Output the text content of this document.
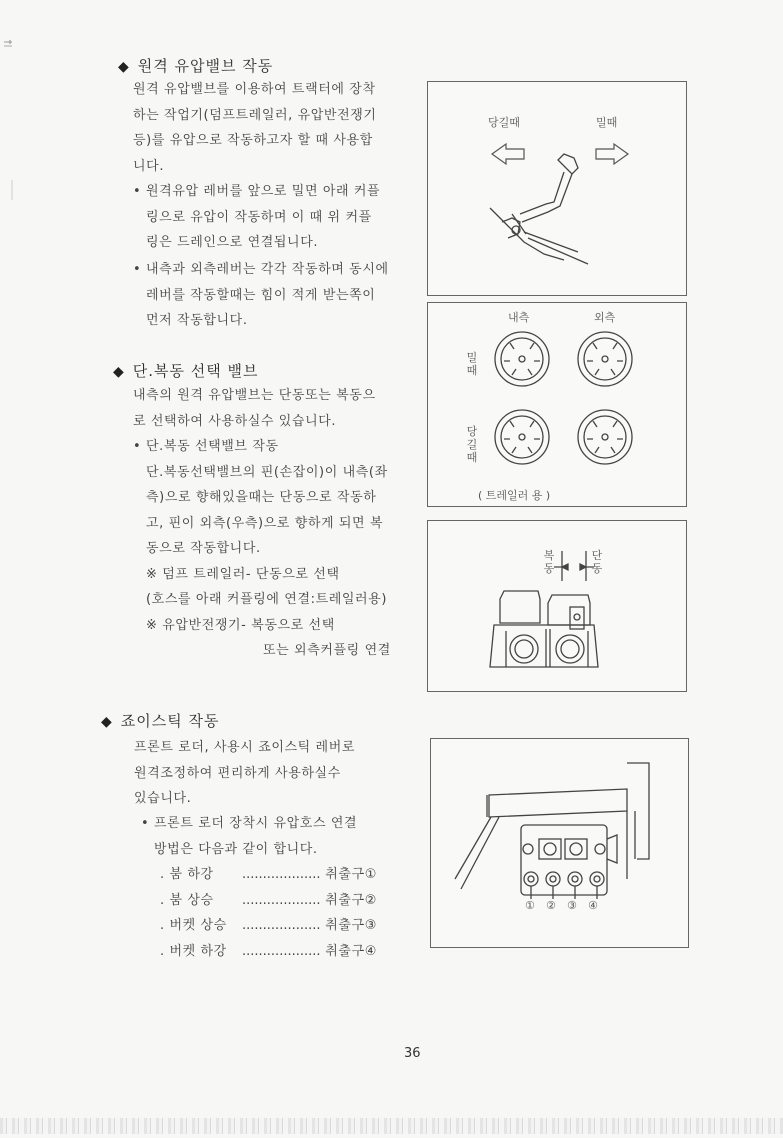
◆ 원격 유압밸브 작동
원격 유압밸브를 이용하여 트랙터에 장착
하는 작업기(덤프트레일러, 유압반전쟁기
등)를 유압으로 작동하고자 할 때 사용합
니다.
• 원격유압 레버를 앞으로 밀면 아래 커플
링으로 유압이 작동하며 이 때 위 커플
링은 드레인으로 연결됩니다.
• 내측과 외측레버는 각각 작동하며 동시에
레버를 작동할때는 힘이 적게 받는쪽이
먼저 작동합니다.
당길때	밀때
◆ 단.복동 선택 밸브
내측의 원격 유압밸브는 단동또는 복동으
로 선택하여 사용하실수 있습니다.
• 단.복동 선택밸브 작동
단.복동선택밸브의 핀(손잡이)이 내측(좌
측)으로 향해있을때는 단동으로 작동하
고, 핀이 외측(우측)으로 향하게 되면 복
동으로 작동합니다.
※ 덤프 트레일러- 단동으로 선택
(호스를 아래 커플링에 연결:트레일러용)
※ 유압반전쟁기- 복동으로 선택
또는 외측커플링 연결
내측	외측
밀때
당길때
( 트레일러 용 )
복동
단동
◆ 죠이스틱 작동
프론트 로더, 사용시 죠이스틱 레버로
원격조정하여 편리하게 사용하실수
있습니다.
• 프론트 로더 장착시 유압호스 연결
방법은 다음과 같이 합니다.
. 붐 하강 ................... 취출구①
. 붐 상승 ................... 취출구②
. 버켓 상승 ................... 취출구③
. 버켓 하강 ................... 취출구④
① ② ③ ④
36
